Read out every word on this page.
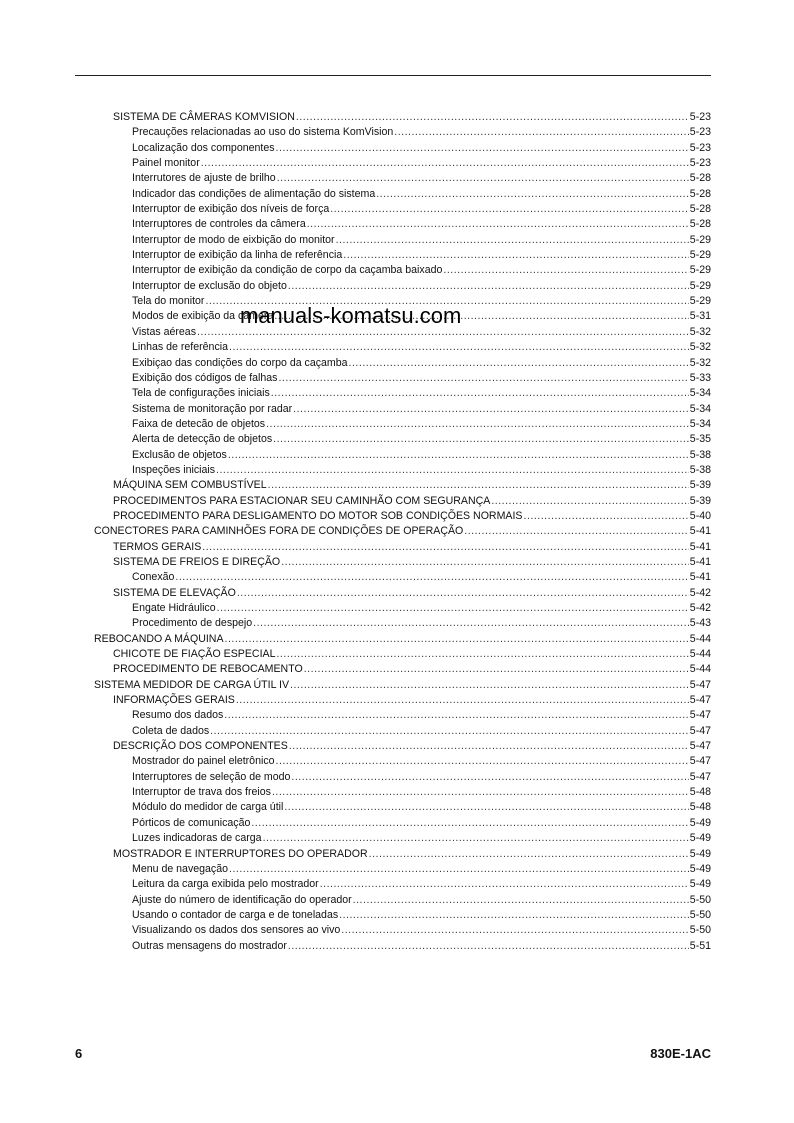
SISTEMA DE CÂMERAS KOMVISION .....	5-23
Precauções relacionadas ao uso do sistema KomVision .....	5-23
Localização dos componentes .....	5-23
Painel monitor .....	5-23
Interrutores de ajuste de brilho .....	5-28
Indicador das condições de alimentação do sistema .....	5-28
Interruptor de exibição dos níveis de força .....	5-28
Interruptores de controles da câmera .....	5-28
Interruptor de modo de eixbição do monitor .....	5-29
Interruptor de exibição da linha de referência .....	5-29
Interruptor de exibição da condição de corpo da caçamba baixado .....	5-29
Interruptor de exclusão do objeto .....	5-29
Tela do monitor .....	5-29
Modos de exibição da câmera .....	5-31
Vistas aéreas .....	5-32
Linhas de referência .....	5-32
Exibiçao das condições do corpo da caçamba .....	5-32
Exibição dos códigos de falhas .....	5-33
Tela de configurações iniciais .....	5-34
Sistema de monitoração por radar .....	5-34
Faixa de detecão de objetos .....	5-34
Alerta de detecção de objetos .....	5-35
Exclusão de objetos .....	5-38
Inspeções iniciais .....	5-38
MÁQUINA SEM COMBUSTÍVEL .....	5-39
PROCEDIMENTOS PARA ESTACIONAR SEU CAMINHÃO COM SEGURANÇA .....	5-39
PROCEDIMENTO PARA DESLIGAMENTO DO MOTOR SOB CONDIÇÕES NORMAIS .....	5-40
CONECTORES PARA CAMINHÕES FORA DE CONDIÇÕES DE OPERAÇÃO .....	5-41
TERMOS GERAIS .....	5-41
SISTEMA DE FREIOS E DIREÇÃO .....	5-41
Conexão .....	5-41
SISTEMA DE ELEVAÇÃO .....	5-42
Engate Hidráulico .....	5-42
Procedimento de despejo .....	5-43
REBOCANDO A MÁQUINA .....	5-44
CHICOTE DE FIAÇÃO ESPECIAL .....	5-44
PROCEDIMENTO DE REBOCAMENTO .....	5-44
SISTEMA MEDIDOR DE CARGA ÚTIL IV .....	5-47
INFORMAÇÕES GERAIS .....	5-47
Resumo dos dados .....	5-47
Coleta de dados .....	5-47
DESCRIÇÃO DOS COMPONENTES .....	5-47
Mostrador do painel eletrônico .....	5-47
Interruptores de seleção de modo .....	5-47
Interruptor de trava dos freios .....	5-48
Módulo do medidor de carga útil .....	5-48
Pórticos de comunicação .....	5-49
Luzes indicadoras de carga .....	5-49
MOSTRADOR E INTERRUPTORES DO OPERADOR .....	5-49
Menu de navegação .....	5-49
Leitura da carga exibida pelo mostrador .....	5-49
Ajuste do número de identificação do operador .....	5-50
Usando o contador de carga e de toneladas .....	5-50
Visualizando os dados dos sensores ao vivo .....	5-50
Outras mensagens do mostrador .....	5-51
manuals-komatsu.com
6	830E-1AC
